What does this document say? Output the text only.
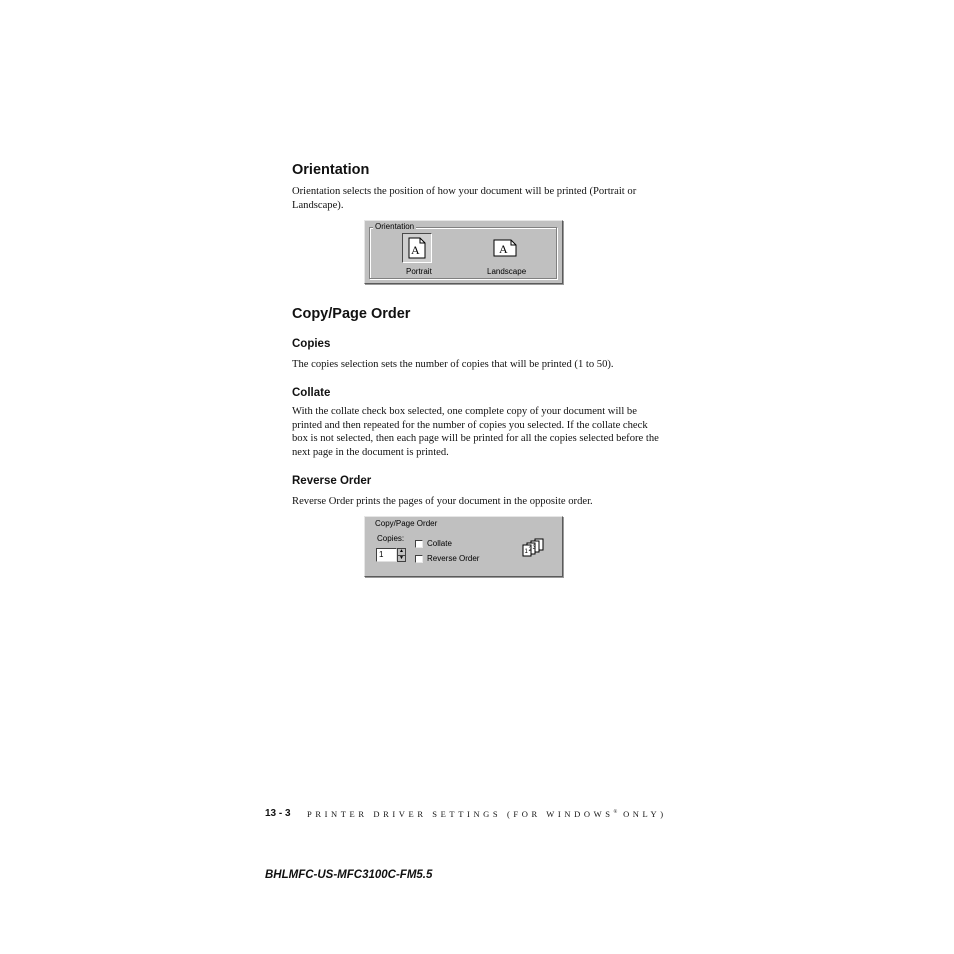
Orientation

Orientation selects the position of how your document will be printed (Portrait or Landscape).

Orientation
A
Portrait
A
Landscape
Copy/Page Order
Copies

The copies selection sets the number of copies that will be printed (1 to 50).

Collate

With the collate check box selected, one complete copy of your document will be printed and then repeated for the number of copies you selected. If the collate check box is not selected, then each page will be printed for all the copies selected before the next page in the document is printed.

Reverse Order

Reverse Order prints the pages of your document in the opposite order.

Copy/Page Order
Copies:
1	▲
▼
Collate
Reverse Order
1 2 3
13 - 3 PRINTER DRIVER SETTINGS (FOR WINDOWS® ONLY)
BHLMFC-US-MFC3100C-FM5.5
